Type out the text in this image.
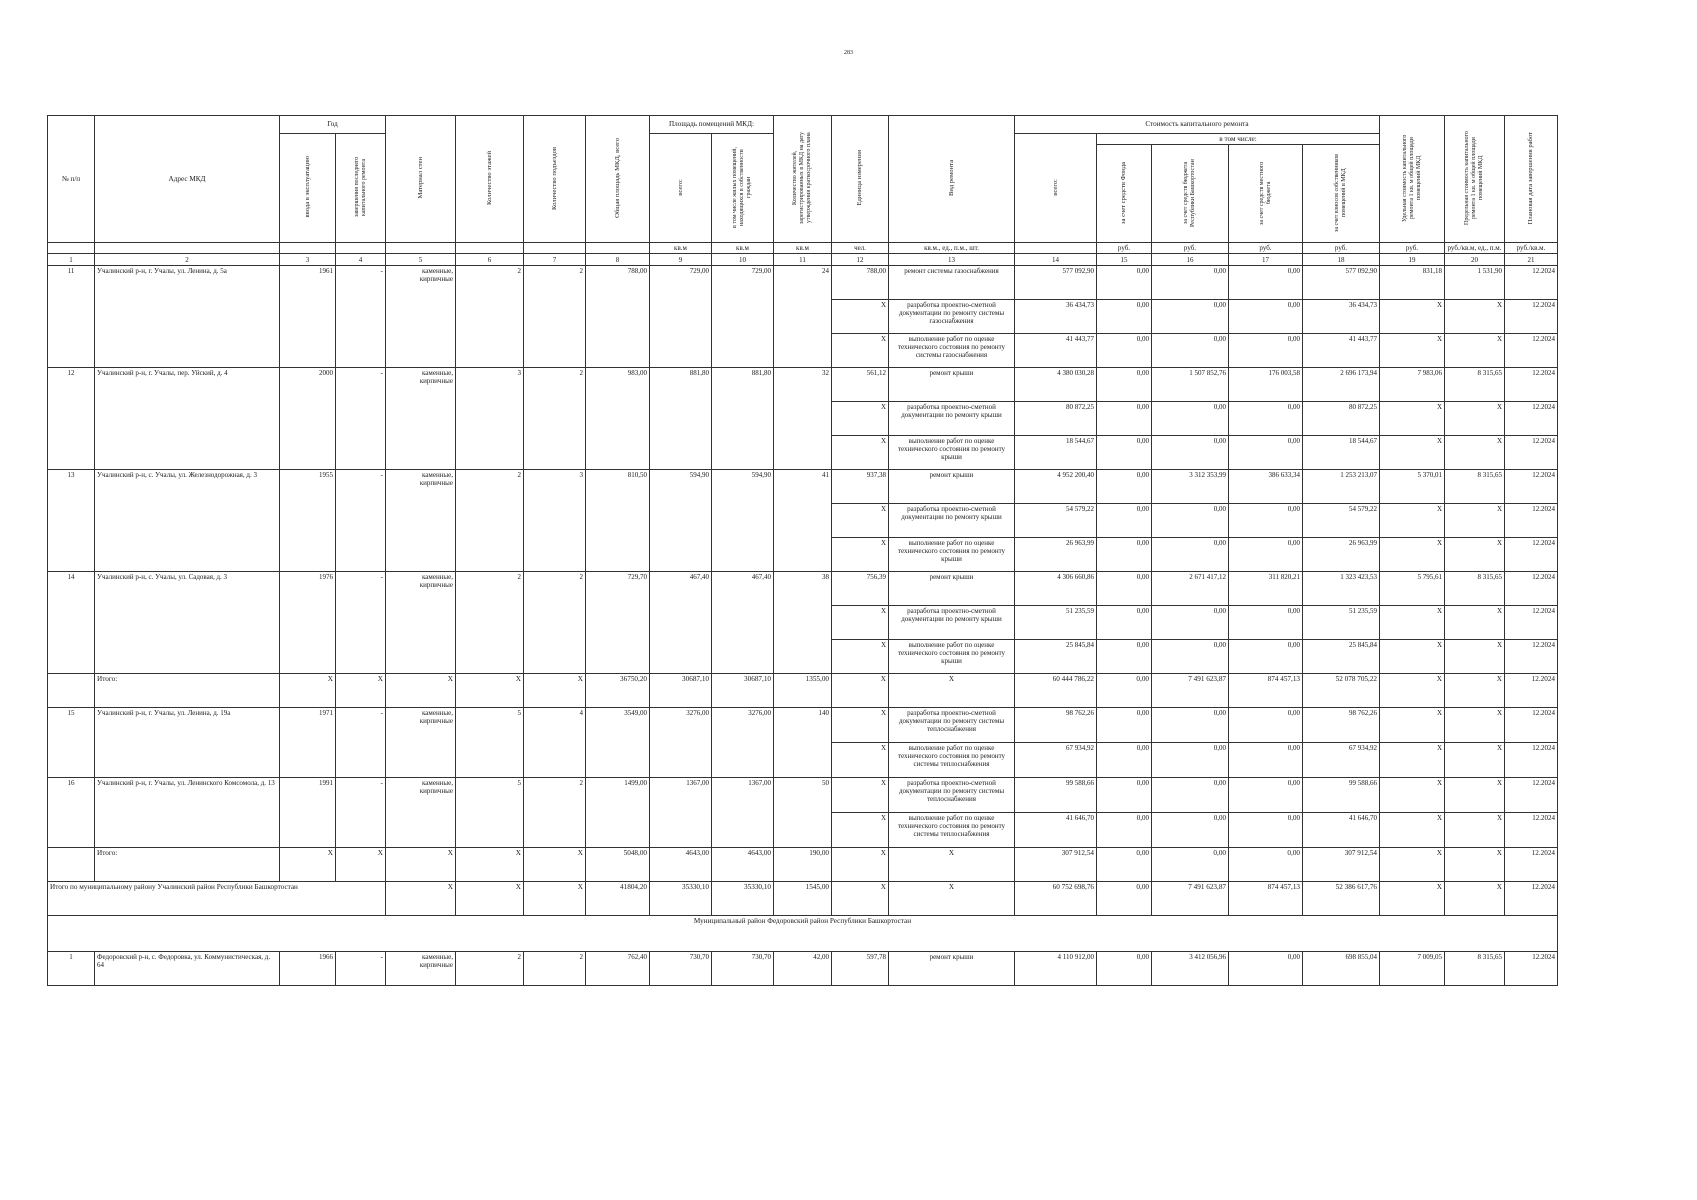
283
№ п/п	Адрес МКД	Год		Материал стен	Количество этажей	Количество подъездов	Общая площадь МКД, всего	Площадь помещений МКД:		Количество жителей, зарегистрированных в МКД на дату утверждения краткосрочного плана	Единица измерения	Вид ремонта	Стоимость капитального ремонта					Удельная стоимость капитального ремонта 1 кв. м общей площади помещений МКД	Предельная стоимость капитального ремонта 1 кв. м общей площади помещений МКД	Плановая дата завершения работ
		ввода в эксплуатацию	завершения последнего капитального ремонта					всего:	в том числе жилых помещений, находящихся в собственности граждан				всего:	в том числе:						
														за счет средств Фонда	за счет средств бюджета Республики Башкортостан	за счет средств местного бюджета	за счет взносов собственников помещений в МКД			
								кв.м	кв.м	кв.м	чел.	кв.м., ед., п.м., шт.		руб.	руб.	руб.	руб.	руб.	руб./кв.м, ед., п.м.	руб./кв.м.
1	2	3	4	5	6	7	8	9	10	11	12	13	14	15	16	17	18	19	20	21
11	Учалинский р-н, г. Учалы, ул. Ленина, д. 5а	1961	-	каменные, кирпичные	2	2	788,00	729,00	729,00	24	788,00	ремонт системы газоснабжения	577 092,90	0,00	0,00	0,00	577 092,90	831,18	1 531,90	12.2024
											X	разработка проектно-сметной документации по ремонту системы газоснабжения	36 434,73	0,00	0,00	0,00	36 434,73	X	X	12.2024
											X	выполнение работ по оценке технического состояния по ремонту системы газоснабжения	41 443,77	0,00	0,00	0,00	41 443,77	X	X	12.2024
12	Учалинский р-н, г. Учалы, пер. Уйский, д. 4	2000	-	каменные, кирпичные	3	2	983,00	881,80	881,80	32	561,12	ремонт крыши	4 380 030,28	0,00	1 507 852,76	176 003,58	2 696 173,94	7 983,06	8 315,65	12.2024
											X	разработка проектно-сметной документации по ремонту крыши	80 872,25	0,00	0,00	0,00	80 872,25	X	X	12.2024
											X	выполнение работ по оценке технического состояния по ремонту крыши	18 544,67	0,00	0,00	0,00	18 544,67	X	X	12.2024
13	Учалинский р-н, с. Учалы, ул. Железнодорожная, д. 3	1955	-	каменные, кирпичные	2	3	810,50	594,90	594,90	41	937,38	ремонт крыши	4 952 200,40	0,00	3 312 353,99	386 633,34	1 253 213,07	5 370,01	8 315,65	12.2024
											X	разработка проектно-сметной документации по ремонту крыши	54 579,22	0,00	0,00	0,00	54 579,22	X	X	12.2024
											X	выполнение работ по оценке технического состояния по ремонту крыши	26 963,99	0,00	0,00	0,00	26 963,99	X	X	12.2024
14	Учалинский р-н, с. Учалы, ул. Садовая, д. 3	1976	-	каменные, кирпичные	2	2	729,70	467,40	467,40	38	756,39	ремонт крыши	4 306 660,86	0,00	2 671 417,12	311 820,21	1 323 423,53	5 795,61	8 315,65	12.2024
											X	разработка проектно-сметной документации по ремонту крыши	51 235,59	0,00	0,00	0,00	51 235,59	X	X	12.2024
											X	выполнение работ по оценке технического состояния по ремонту крыши	25 845,84	0,00	0,00	0,00	25 845,84	X	X	12.2024
	Итого:	X	X	X	X	X	36750,20	30687,10	30687,10	1355,00	X	X	60 444 786,22	0,00	7 491 623,87	874 457,13	52 078 705,22	X	X	12.2024
15	Учалинский р-н, г. Учалы, ул. Ленина, д. 19а	1971	-	каменные, кирпичные	5	4	3549,00	3276,00	3276,00	140	X	разработка проектно-сметной документации по ремонту системы теплоснабжения	98 762,26	0,00	0,00	0,00	98 762,26	X	X	12.2024
											X	выполнение работ по оценке технического состояния по ремонту системы теплоснабжения	67 934,92	0,00	0,00	0,00	67 934,92	X	X	12.2024
16	Учалинский р-н, г. Учалы, ул. Ленинского Комсомола, д. 13	1991	-	каменные, кирпичные	5	2	1499,00	1367,00	1367,00	50	X	разработка проектно-сметной документации по ремонту системы теплоснабжения	99 588,66	0,00	0,00	0,00	99 588,66	X	X	12.2024
											X	выполнение работ по оценке технического состояния по ремонту системы теплоснабжения	41 646,70	0,00	0,00	0,00	41 646,70	X	X	12.2024
	Итого:	X	X	X	X	X	5048,00	4643,00	4643,00	190,00	X	X	307 912,54	0,00	0,00	0,00	307 912,54	X	X	12.2024
Итого по муниципальному району Учалинский район Республики Башкортостан				X	X	X	41804,20	35330,10	35330,10	1545,00	X	X	60 752 698,76	0,00	7 491 623,87	874 457,13	52 386 617,76	X	X	12.2024
Муниципальный район Федоровский район Республики Башкортостан																				
1	Федоровский р-н, с. Федоровка, ул. Коммунистическая, д. 64	1966	-	каменные, кирпичные	2	2	762,40	730,70	730,70	42,00	597,78	ремонт крыши	4 110 912,00	0,00	3 412 056,96	0,00	698 855,04	7 009,05	8 315,65	12.2024
